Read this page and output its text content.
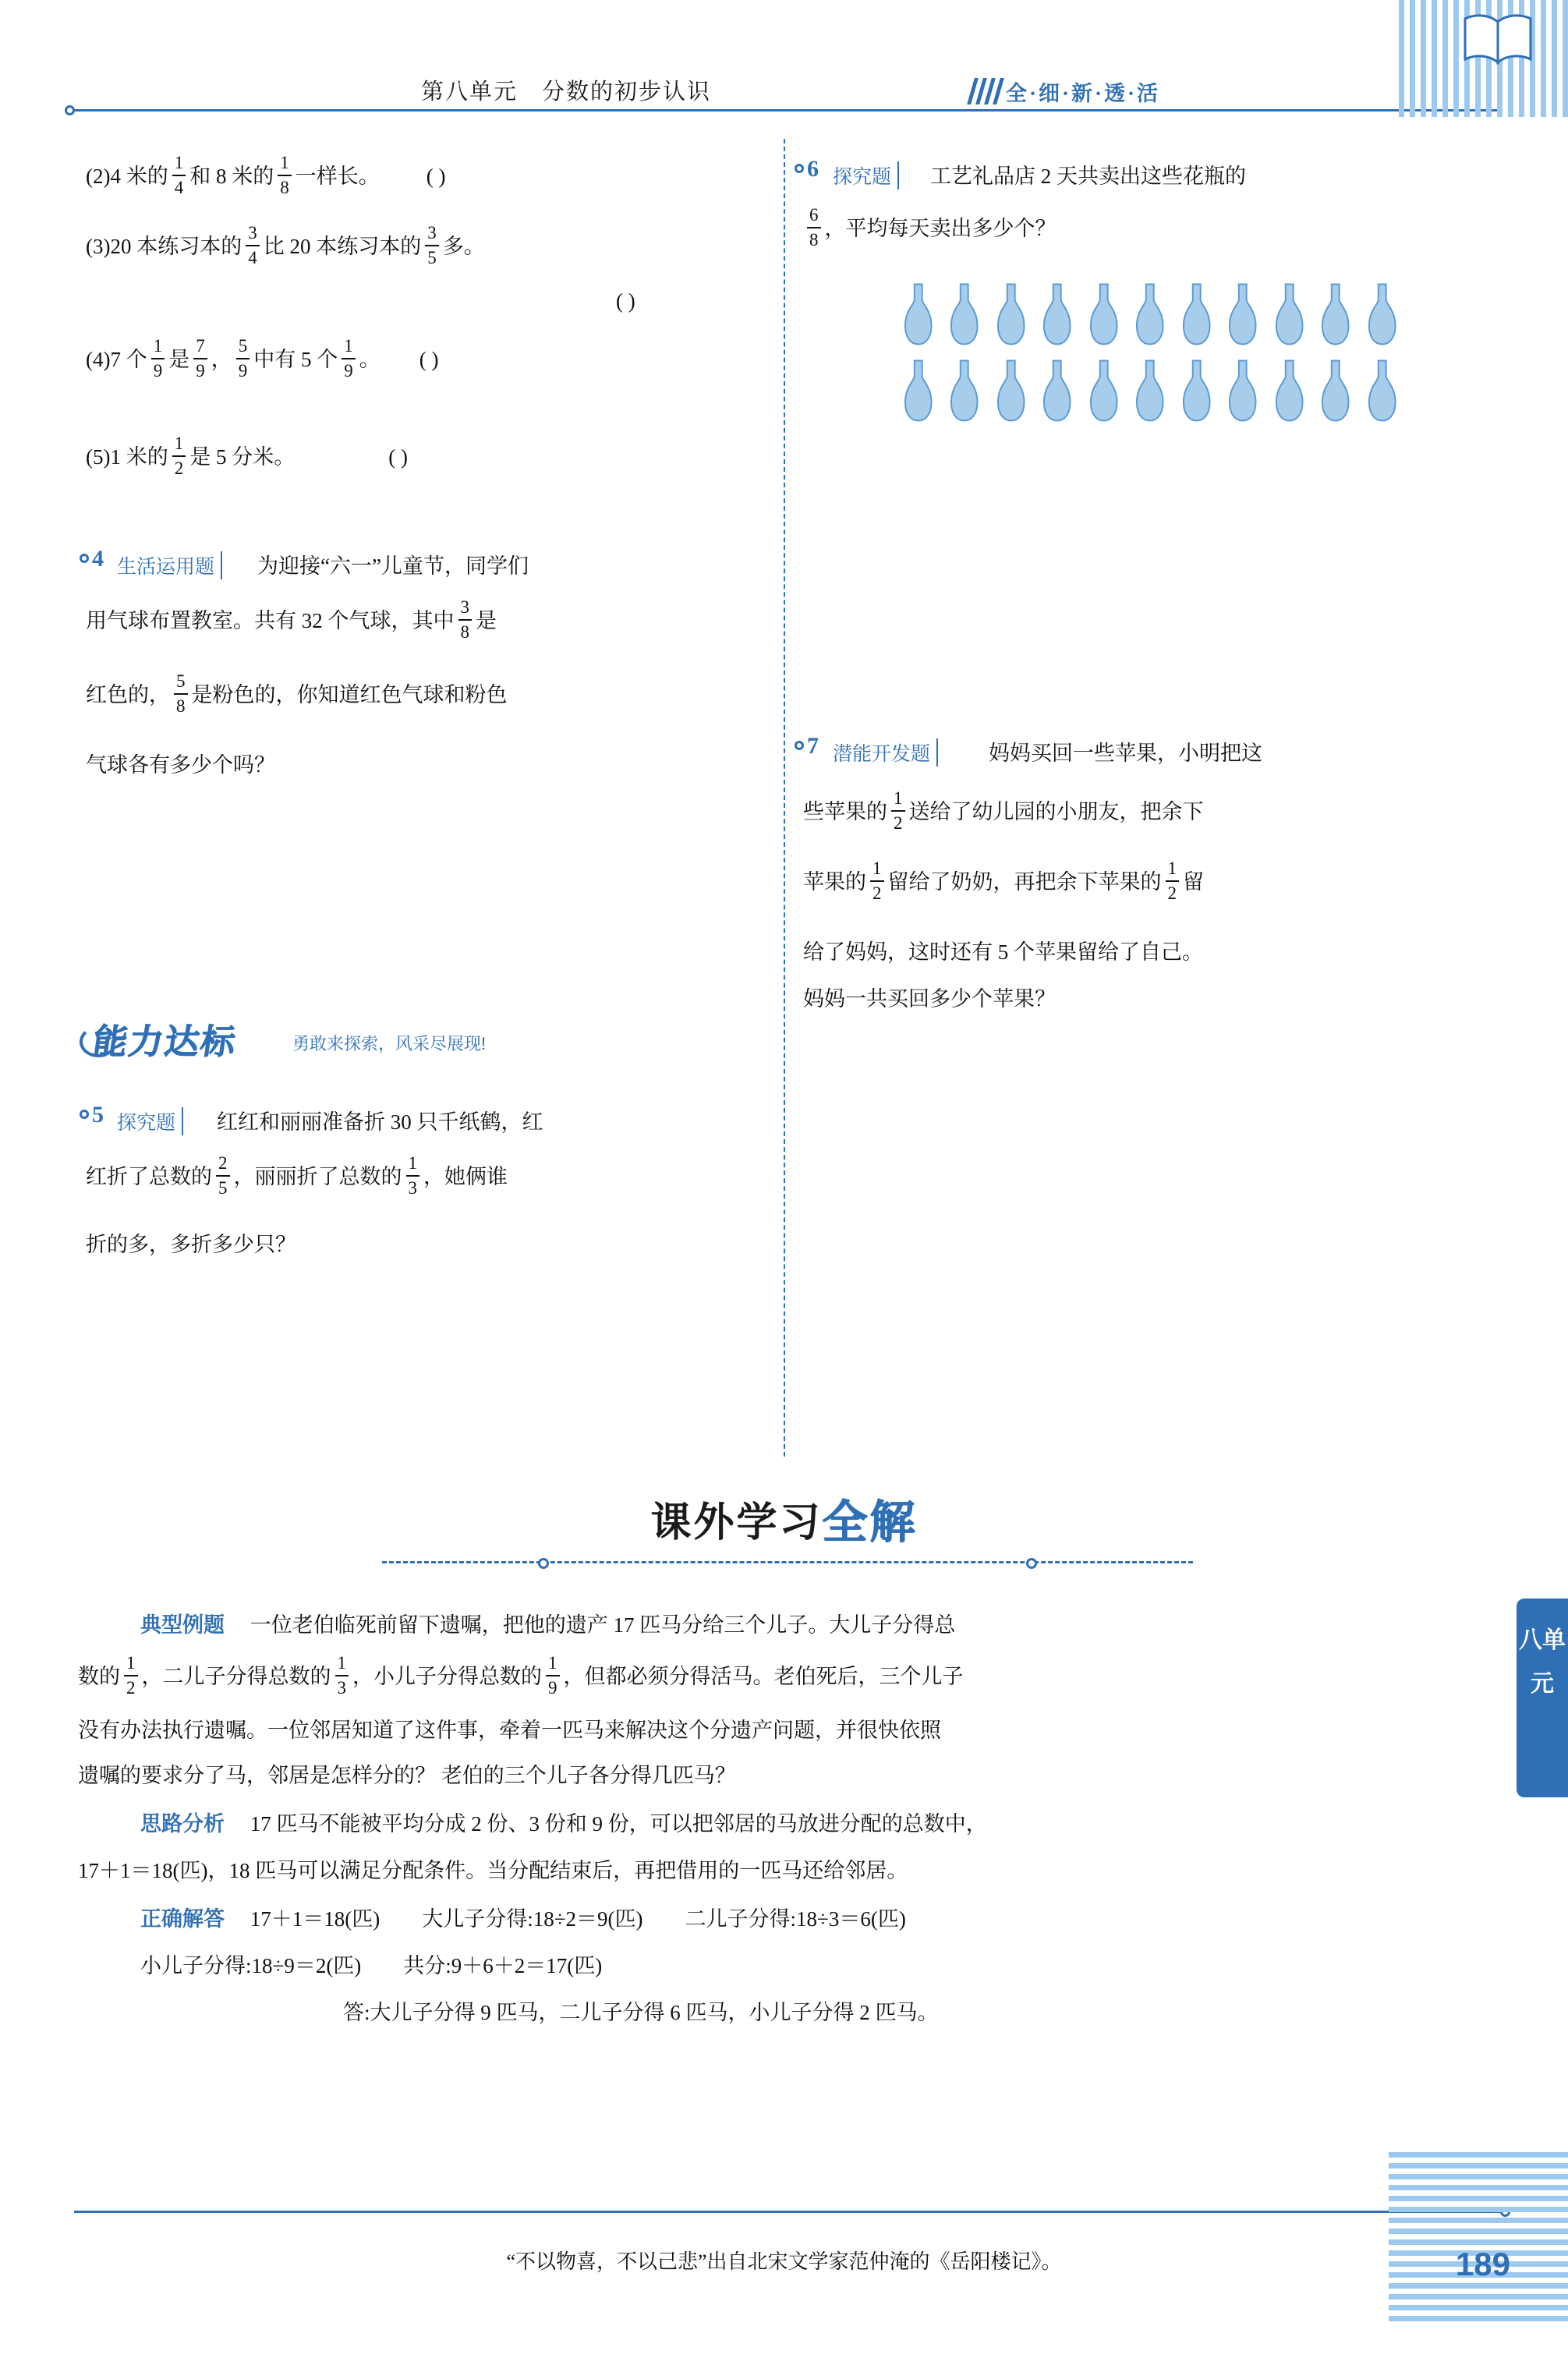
第八单元　分数的初步认识	全·细·新·透·活
(2)4 米的 $\frac{1}{4}$ 和 8 米的 $\frac{1}{8}$ 一样长。 ( )
(3)20 本练习本的 $\frac{3}{4}$ 比 20 本练习本的 $\frac{3}{5}$ 多。
( )
(4)7 个 $\frac{1}{9}$ 是 $\frac{7}{9}$ ， $\frac{5}{9}$ 中有 5 个 $\frac{1}{9}$ 。 ( )
(5)1 米的 $\frac{1}{2}$ 是 5 分米。	( )
4 生活运用题	为迎接“六一”儿童节，同学们
用气球布置教室。共有 32 个气球，其中 $\frac{3}{8}$ 是
红色的， $\frac{5}{8}$ 是粉色的，你知道红色气球和粉色
气球各有多少个吗？
能力达标	勇敢来探索，风采尽展现!
5 探究题	红红和丽丽准备折 30 只千纸鹤，红
红折了总数的 $\frac{2}{5}$ ，丽丽折了总数的 $\frac{1}{3}$ ，她俩谁
折的多，多折多少只？
6 探究题	工艺礼品店 2 天共卖出这些花瓶的
$\frac{6}{8}$ ，平均每天卖出多少个？
7 潜能开发题	妈妈买回一些苹果，小明把这
些苹果的 $\frac{1}{2}$ 送给了幼儿园的小朋友，把余下
苹果的 $\frac{1}{2}$ 留给了奶奶，再把余下苹果的 $\frac{1}{2}$ 留
给了妈妈，这时还有 5 个苹果留给了自己。
妈妈一共买回多少个苹果？
课外学习全解
典型例题 一位老伯临死前留下遗嘱，把他的遗产 17 匹马分给三个儿子。大儿子分得总
数的 $\frac{1}{2}$ ，二儿子分得总数的 $\frac{1}{3}$ ，小儿子分得总数的 $\frac{1}{9}$ ，但都必须分得活马。老伯死后，三个儿子
没有办法执行遗嘱。一位邻居知道了这件事，牵着一匹马来解决这个分遗产问题，并很快依照
遗嘱的要求分了马，邻居是怎样分的？ 老伯的三个儿子各分得几匹马？
思路分析 17 匹马不能被平均分成 2 份、3 份和 9 份，可以把邻居的马放进分配的总数中，
17＋1＝18(匹)，18 匹马可以满足分配条件。当分配结束后，再把借用的一匹马还给邻居。
正确解答 17＋1＝18(匹)　　大儿子分得:18÷2＝9(匹)　　二儿子分得:18÷3＝6(匹)
小儿子分得:18÷9＝2(匹)　　共分:9＋6＋2＝17(匹)
答:大儿子分得 9 匹马，二儿子分得 6 匹马，小儿子分得 2 匹马。
八单元
“不以物喜，不以己悲”出自北宋文学家范仲淹的《岳阳楼记》。	189
